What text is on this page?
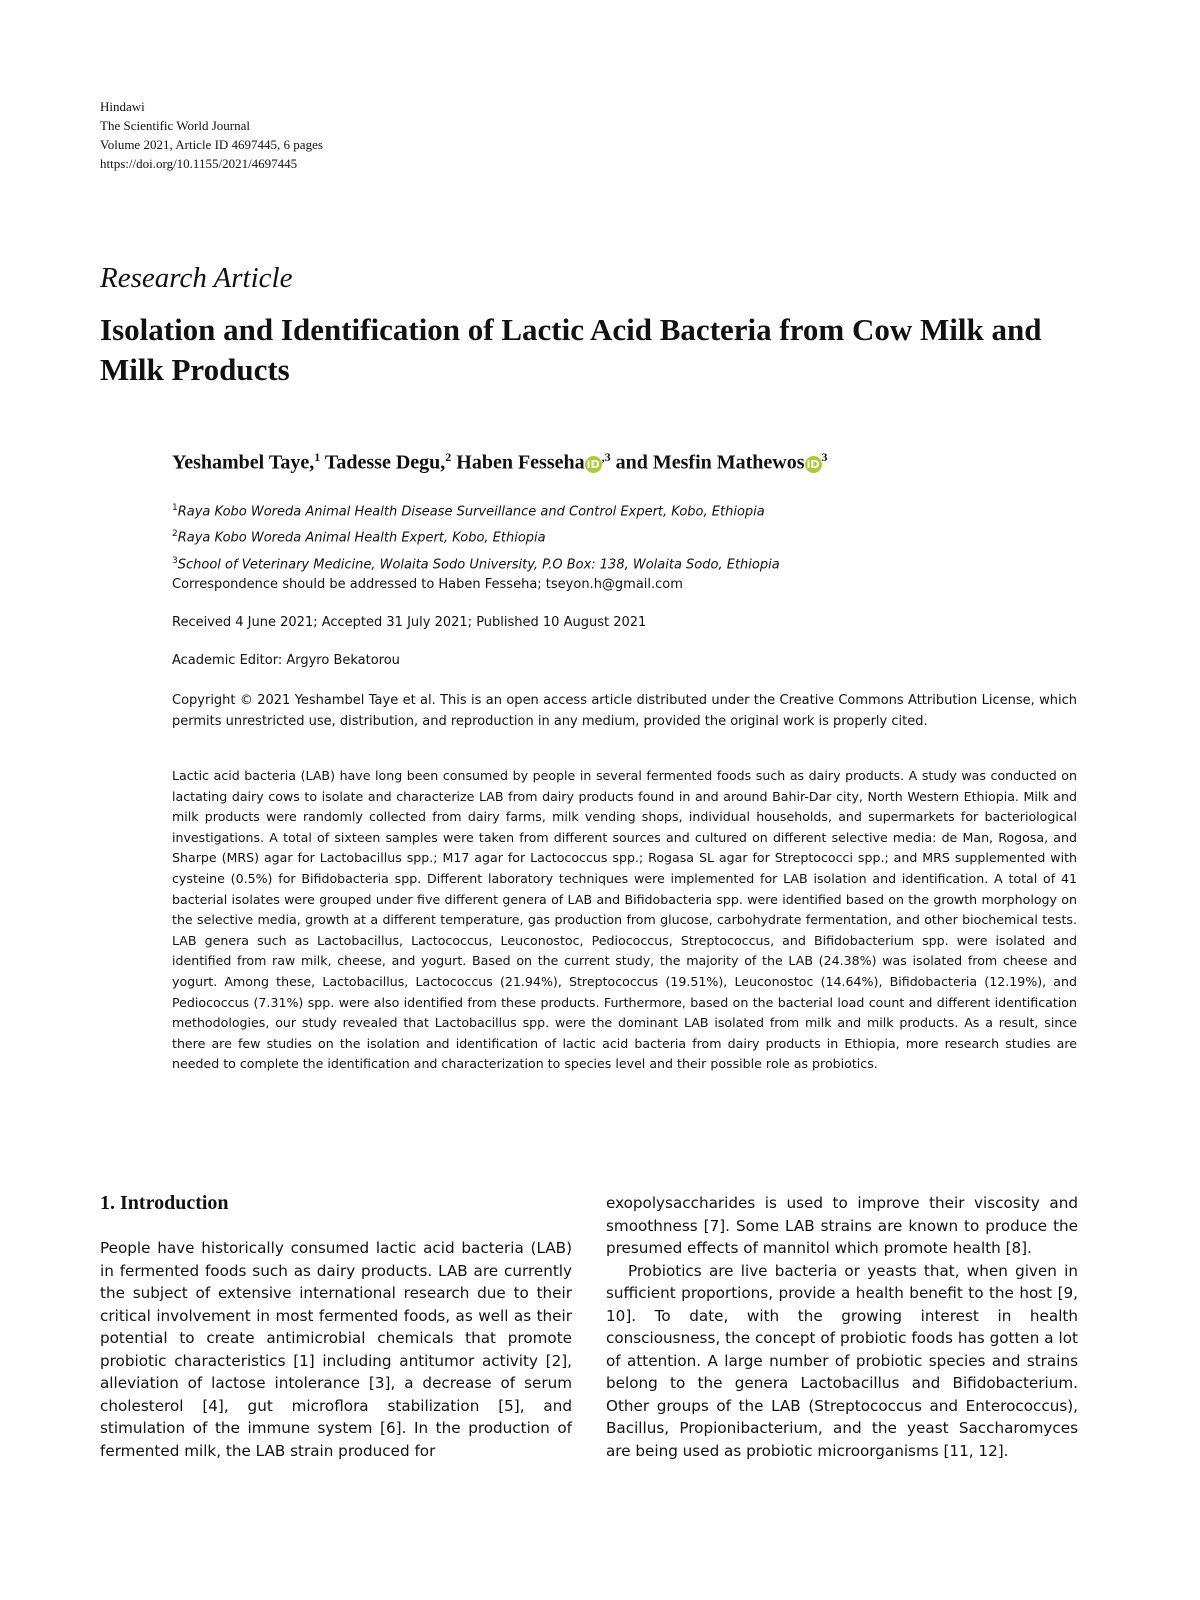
Hindawi
The Scientific World Journal
Volume 2021, Article ID 4697445, 6 pages
https://doi.org/10.1155/2021/4697445
Research Article
Isolation and Identification of Lactic Acid Bacteria from Cow Milk and Milk Products
Yeshambel Taye,$^1$ Tadesse Degu,$^2$ Haben Fesseha $iD^{,3}$ and Mesfin Mathewos $iD^3$
$^1$Raya Kobo Woreda Animal Health Disease Surveillance and Control Expert, Kobo, Ethiopia
$^2$Raya Kobo Woreda Animal Health Expert, Kobo, Ethiopia
$^3$School of Veterinary Medicine, Wolaita Sodo University, P.O Box: 138, Wolaita Sodo, Ethiopia
Correspondence should be addressed to Haben Fesseha; tseyon.h@gmail.com
Received 4 June 2021; Accepted 31 July 2021; Published 10 August 2021
Academic Editor: Argyro Bekatorou
Copyright © 2021 Yeshambel Taye et al. This is an open access article distributed under the Creative Commons Attribution License, which permits unrestricted use, distribution, and reproduction in any medium, provided the original work is properly cited.
Lactic acid bacteria (LAB) have long been consumed by people in several fermented foods such as dairy products. A study was conducted on lactating dairy cows to isolate and characterize LAB from dairy products found in and around Bahir-Dar city, North Western Ethiopia. Milk and milk products were randomly collected from dairy farms, milk vending shops, individual households, and supermarkets for bacteriological investigations. A total of sixteen samples were taken from different sources and cultured on different selective media: de Man, Rogosa, and Sharpe (MRS) agar for Lactobacillus spp.; M17 agar for Lactococcus spp.; Rogasa SL agar for Streptococci spp.; and MRS supplemented with cysteine (0.5%) for Bifidobacteria spp. Different laboratory techniques were implemented for LAB isolation and identification. A total of 41 bacterial isolates were grouped under five different genera of LAB and Bifidobacteria spp. were identified based on the growth morphology on the selective media, growth at a different temperature, gas production from glucose, carbohydrate fermentation, and other biochemical tests. LAB genera such as Lactobacillus, Lactococcus, Leuconostoc, Pediococcus, Streptococcus, and Bifidobacterium spp. were isolated and identified from raw milk, cheese, and yogurt. Based on the current study, the majority of the LAB (24.38%) was isolated from cheese and yogurt. Among these, Lactobacillus, Lactococcus (21.94%), Streptococcus (19.51%), Leuconostoc (14.64%), Bifidobacteria (12.19%), and Pediococcus (7.31%) spp. were also identified from these products. Furthermore, based on the bacterial load count and different identification methodologies, our study revealed that Lactobacillus spp. were the dominant LAB isolated from milk and milk products. As a result, since there are few studies on the isolation and identification of lactic acid bacteria from dairy products in Ethiopia, more research studies are needed to complete the identification and characterization to species level and their possible role as probiotics.
1. Introduction

People have historically consumed lactic acid bacteria (LAB) in fermented foods such as dairy products. LAB are currently the subject of extensive international research due to their critical involvement in most fermented foods, as well as their potential to create antimicrobial chemicals that promote probiotic characteristics [1] including antitumor activity [2], alleviation of lactose intolerance [3], a decrease of serum cholesterol [4], gut microflora stabilization [5], and stimulation of the immune system [6]. In the production of fermented milk, the LAB strain produced for

exopolysaccharides is used to improve their viscosity and smoothness [7]. Some LAB strains are known to produce the presumed effects of mannitol which promote health [8].

Probiotics are live bacteria or yeasts that, when given in sufficient proportions, provide a health benefit to the host [9, 10]. To date, with the growing interest in health consciousness, the concept of probiotic foods has gotten a lot of attention. A large number of probiotic species and strains belong to the genera Lactobacillus and Bifidobacterium. Other groups of the LAB (Streptococcus and Enterococcus), Bacillus, Propionibacterium, and the yeast Saccharomyces are being used as probiotic microorganisms [11, 12].
